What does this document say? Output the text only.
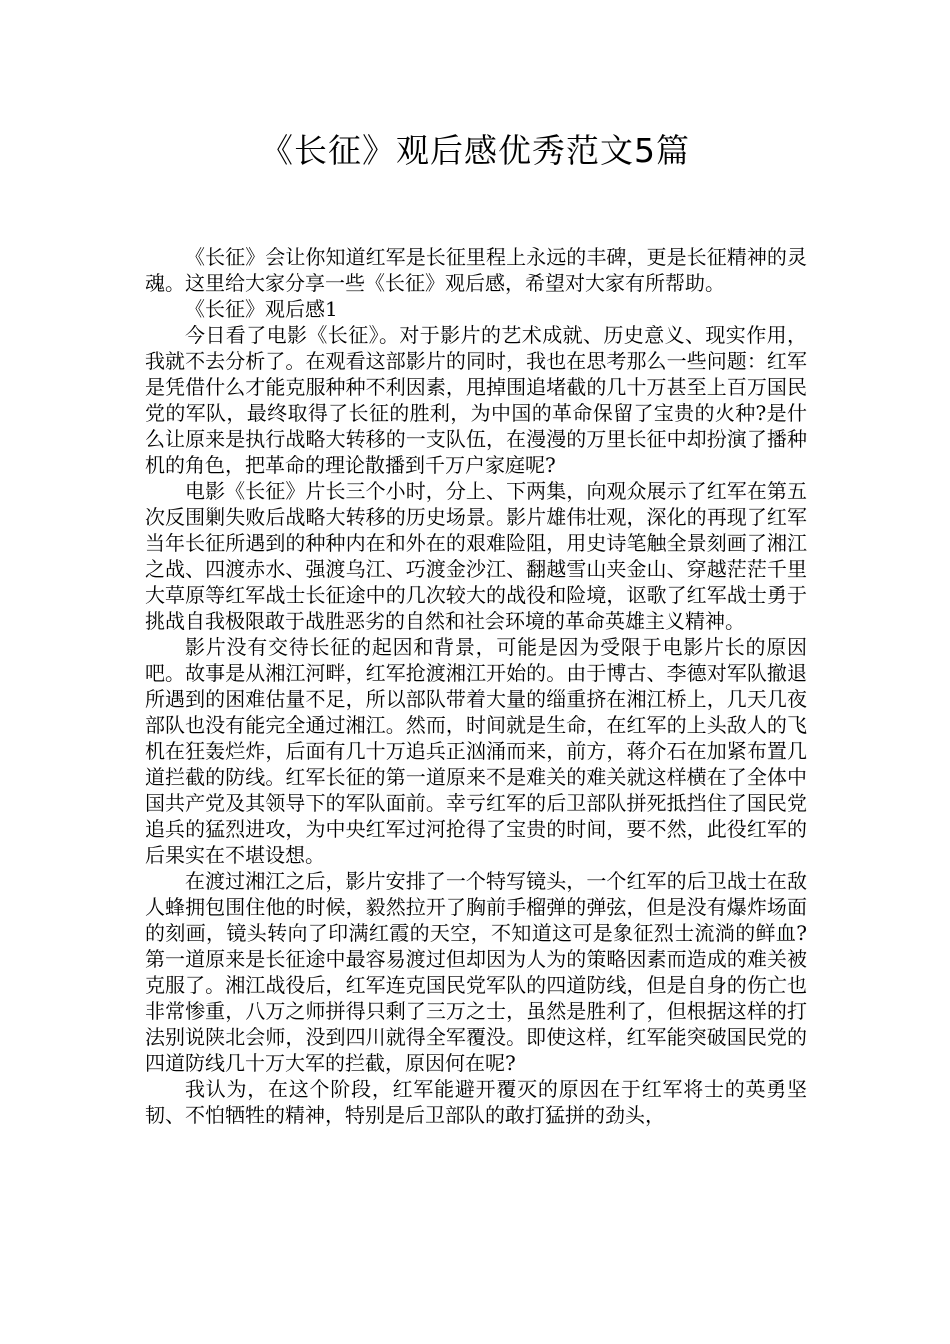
《长征》观后感优秀范文5篇

《长征》会让你知道红军是长征里程上永远的丰碑，更是长征精神的灵魂。这里给大家分享一些《长征》观后感，希望对大家有所帮助。

《长征》观后感1

今日看了电影《长征》。对于影片的艺术成就、历史意义、现实作用，我就不去分析了。在观看这部影片的同时，我也在思考那么一些问题：红军是凭借什么才能克服种种不利因素，甩掉围追堵截的几十万甚至上百万国民党的军队，最终取得了长征的胜利，为中国的革命保留了宝贵的火种?是什么让原来是执行战略大转移的一支队伍，在漫漫的万里长征中却扮演了播种机的角色，把革命的理论散播到千万户家庭呢?

电影《长征》片长三个小时，分上、下两集，向观众展示了红军在第五次反围剿失败后战略大转移的历史场景。影片雄伟壮观，深化的再现了红军当年长征所遇到的种种内在和外在的艰难险阻，用史诗笔触全景刻画了湘江之战、四渡赤水、强渡乌江、巧渡金沙江、翻越雪山夹金山、穿越茫茫千里大草原等红军战士长征途中的几次较大的战役和险境，讴歌了红军战士勇于挑战自我极限敢于战胜恶劣的自然和社会环境的革命英雄主义精神。

影片没有交待长征的起因和背景，可能是因为受限于电影片长的原因吧。故事是从湘江河畔，红军抢渡湘江开始的。由于博古、李德对军队撤退所遇到的困难估量不足，所以部队带着大量的缁重挤在湘江桥上，几天几夜部队也没有能完全通过湘江。然而，时间就是生命，在红军的上头敌人的飞机在狂轰烂炸，后面有几十万追兵正汹涌而来，前方，蒋介石在加紧布置几道拦截的防线。红军长征的第一道原来不是难关的难关就这样横在了全体中国共产党及其领导下的军队面前。幸亏红军的后卫部队拼死抵挡住了国民党追兵的猛烈进攻，为中央红军过河抢得了宝贵的时间，要不然，此役红军的后果实在不堪设想。

在渡过湘江之后，影片安排了一个特写镜头，一个红军的后卫战士在敌人蜂拥包围住他的时候，毅然拉开了胸前手榴弹的弹弦，但是没有爆炸场面的刻画，镜头转向了印满红霞的天空，不知道这可是象征烈士流淌的鲜血?第一道原来是长征途中最容易渡过但却因为人为的策略因素而造成的难关被克服了。湘江战役后，红军连克国民党军队的四道防线，但是自身的伤亡也非常惨重，八万之师拼得只剩了三万之士，虽然是胜利了，但根据这样的打法别说陕北会师，没到四川就得全军覆没。即使这样，红军能突破国民党的四道防线几十万大军的拦截，原因何在呢?

我认为，在这个阶段，红军能避开覆灭的原因在于红军将士的英勇坚韧、不怕牺牲的精神，特别是后卫部队的敢打猛拼的劲头，
